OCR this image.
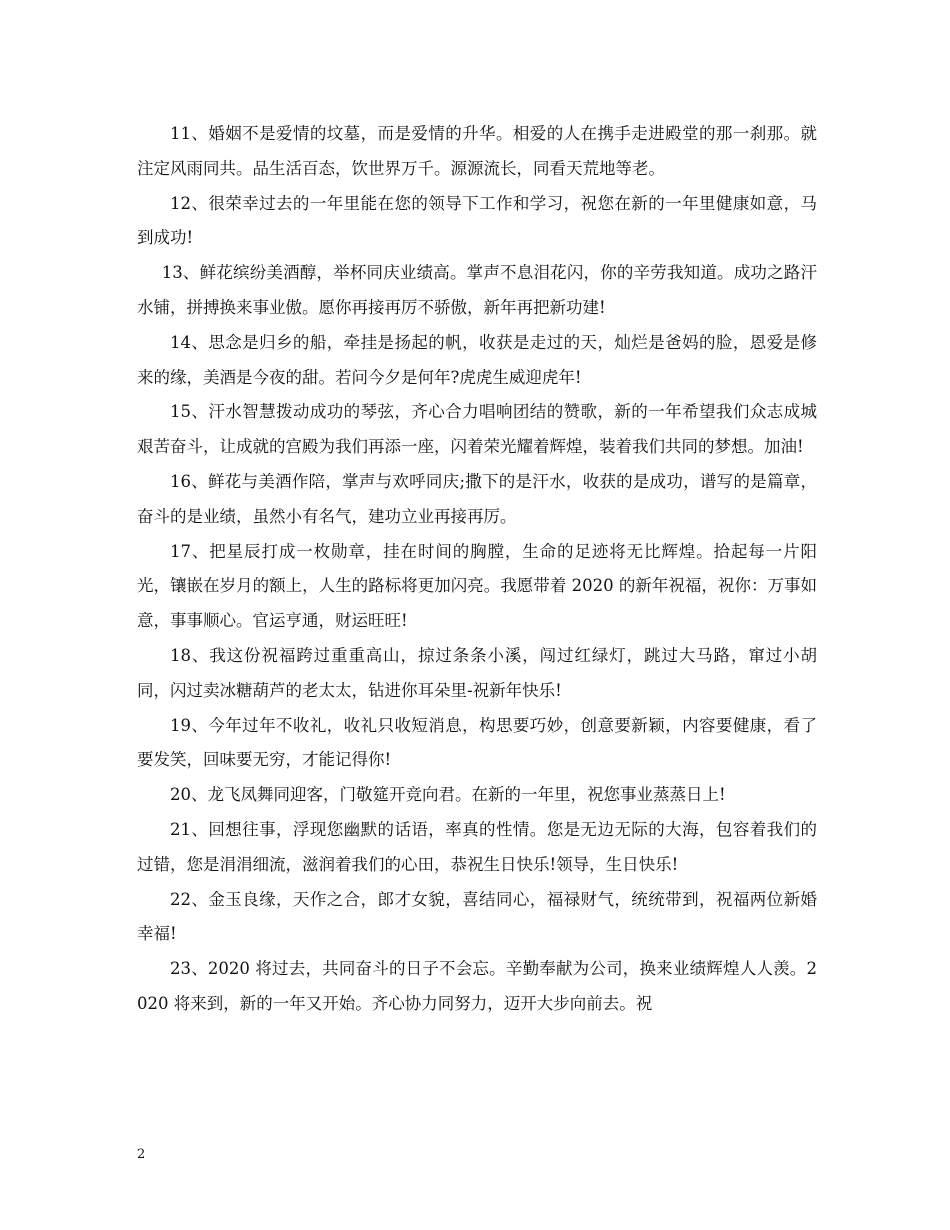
11、婚姻不是爱情的坟墓，而是爱情的升华。相爱的人在携手走进殿堂的那一刹那。就注定风雨同共。品生活百态，饮世界万千。源源流长，同看天荒地等老。

12、很荣幸过去的一年里能在您的领导下工作和学习，祝您在新的一年里健康如意，马到成功!

13、鲜花缤纷美酒醇，举杯同庆业绩高。掌声不息泪花闪，你的辛劳我知道。成功之路汗水铺，拼搏换来事业傲。愿你再接再厉不骄傲，新年再把新功建!

14、思念是归乡的船，牵挂是扬起的帆，收获是走过的天，灿烂是爸妈的脸，恩爱是修来的缘，美酒是今夜的甜。若问今夕是何年?虎虎生威迎虎年!

15、汗水智慧拨动成功的琴弦，齐心合力唱响团结的赞歌，新的一年希望我们众志成城艰苦奋斗，让成就的宫殿为我们再添一座，闪着荣光耀着辉煌，装着我们共同的梦想。加油!

16、鲜花与美酒作陪，掌声与欢呼同庆;撒下的是汗水，收获的是成功，谱写的是篇章，奋斗的是业绩，虽然小有名气，建功立业再接再厉。

17、把星辰打成一枚勋章，挂在时间的胸膛，生命的足迹将无比辉煌。拾起每一片阳光，镶嵌在岁月的额上，人生的路标将更加闪亮。我愿带着 2020 的新年祝福，祝你：万事如意，事事顺心。官运亨通，财运旺旺!

18、我这份祝福跨过重重高山，掠过条条小溪，闯过红绿灯，跳过大马路，窜过小胡同，闪过卖冰糖葫芦的老太太，钻进你耳朵里-祝新年快乐!

19、今年过年不收礼，收礼只收短消息，构思要巧妙，创意要新颖，内容要健康，看了要发笑，回味要无穷，才能记得你!

20、龙飞凤舞同迎客，门敬筵开竞向君。在新的一年里，祝您事业蒸蒸日上!

21、回想往事，浮现您幽默的话语，率真的性情。您是无边无际的大海，包容着我们的过错，您是涓涓细流，滋润着我们的心田，恭祝生日快乐!领导，生日快乐!

22、金玉良缘，天作之合，郎才女貌，喜结同心，福禄财气，统统带到，祝福两位新婚幸福!

23、2020 将过去，共同奋斗的日子不会忘。辛勤奉献为公司，换来业绩辉煌人人羡。2020 将来到，新的一年又开始。齐心协力同努力，迈开大步向前去。祝

2
